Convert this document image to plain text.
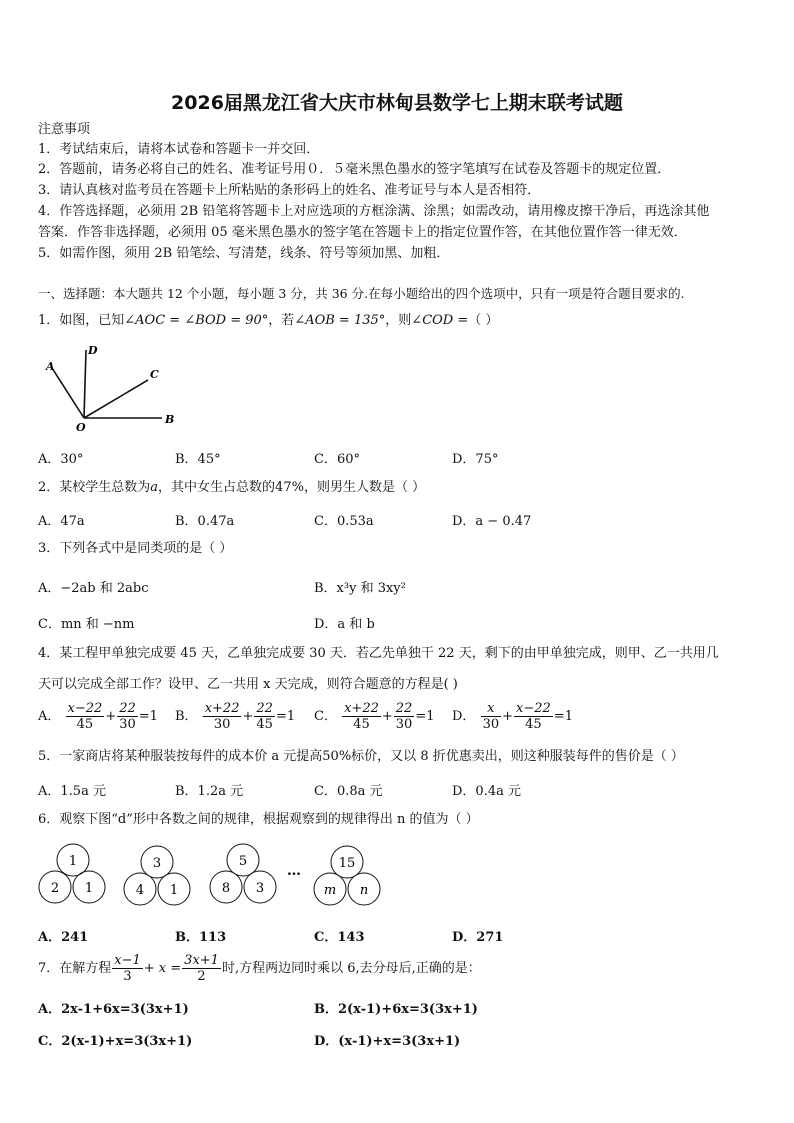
2026届黑龙江省大庆市林甸县数学七上期末联考试题
注意事项
1．考试结束后，请将本试卷和答题卡一并交回．
2．答题前，请务必将自己的姓名、准考证号用０．５毫米黑色墨水的签字笔填写在试卷及答题卡的规定位置．
3．请认真核对监考员在答题卡上所粘贴的条形码上的姓名、准考证号与本人是否相符．
4．作答选择题，必须用 2B 铅笔将答题卡上对应选项的方框涂满、涂黑；如需改动，请用橡皮擦干净后，再选涂其他
答案．作答非选择题，必须用 05 毫米黑色墨水的签字笔在答题卡上的指定位置作答，在其他位置作答一律无效．
5．如需作图，须用 2B 铅笔绘、写清楚，线条、符号等须加黑、加粗．
一、选择题：本大题共 12 个小题，每小题 3 分，共 36 分.在每小题给出的四个选项中，只有一项是符合题目要求的.
1．如图，已知∠AOC = ∠BOD = 90°，若∠AOB = 135°，则∠COD =（ ）
A
D
C
B
O
A．30°	B．45°	C．60°	D．75°
2．某校学生总数为a，其中女生占总数的47%，则男生人数是（ ）
A．47a	B．0.47a	C．0.53a	D．a − 0.47
3．下列各式中是同类项的是（ ）
A．−2ab 和 2abc	B．x³y 和 3xy²
C．mn 和 −nm	D．a 和 b
4．某工程甲单独完成要 45 天，乙单独完成要 30 天．若乙先单独干 22 天，剩下的由甲单独完成，则甲、乙一共用几
天可以完成全部工作？设甲、乙一共用 x 天完成，则符合题意的方程是( )
A． $\frac{x-22}{45} + \frac{22}{30} =1$ B． $\frac{x+22}{30} + \frac{22}{45} =1$ C． $\frac{x+22}{45} + \frac{22}{30} =1$ D． $\frac{x}{30} + \frac{x-22}{45} =1$
5．一家商店将某种服装按每件的成本价 a 元提高50%标价，又以 8 折优惠卖出，则这种服装每件的售价是（ ）
A．1.5a 元	B．1.2a 元	C．0.8a 元	D．0.4a 元
6．观察下图“d”形中各数之间的规律，根据观察到的规律得出 n 的值为（ ）
1
2 1
3
4 1
5
8 3
…	15
m n
A．241	B．113	C．143	D．271
7．在解方程 $\frac{x-1}{3} + x = \frac{3x+1}{2}$ 时,方程两边同时乘以 6,去分母后,正确的是：
A．2x-1+6x=3(3x+1)	B．2(x-1)+6x=3(3x+1)
C．2(x-1)+x=3(3x+1)	D．(x-1)+x=3(3x+1)
